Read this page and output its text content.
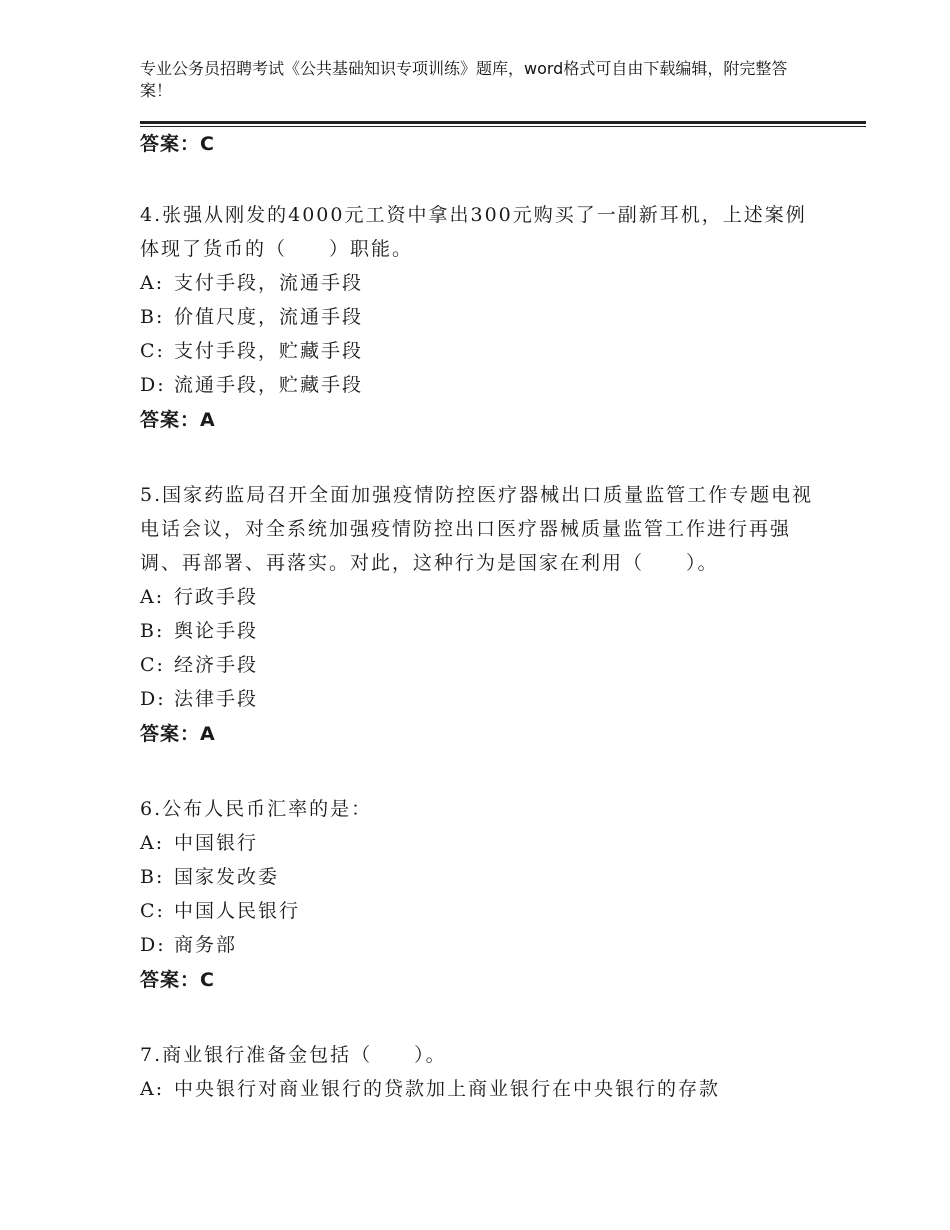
专业公务员招聘考试《公共基础知识专项训练》题库，word格式可自由下载编辑，附完整答案！
答案：C
4.张强从刚发的4000元工资中拿出300元购买了一副新耳机，上述案例体现了货币的（　　）职能。
A: 支付手段，流通手段
B: 价值尺度，流通手段
C: 支付手段，贮藏手段
D: 流通手段，贮藏手段
答案：A
5.国家药监局召开全面加强疫情防控医疗器械出口质量监管工作专题电视电话会议，对全系统加强疫情防控出口医疗器械质量监管工作进行再强调、再部署、再落实。对此，这种行为是国家在利用（　　）。
A: 行政手段
B: 舆论手段
C: 经济手段
D: 法律手段
答案：A
6.公布人民币汇率的是：
A: 中国银行
B: 国家发改委
C: 中国人民银行
D: 商务部
答案：C
7.商业银行准备金包括（　　）。
A: 中央银行对商业银行的贷款加上商业银行在中央银行的存款
